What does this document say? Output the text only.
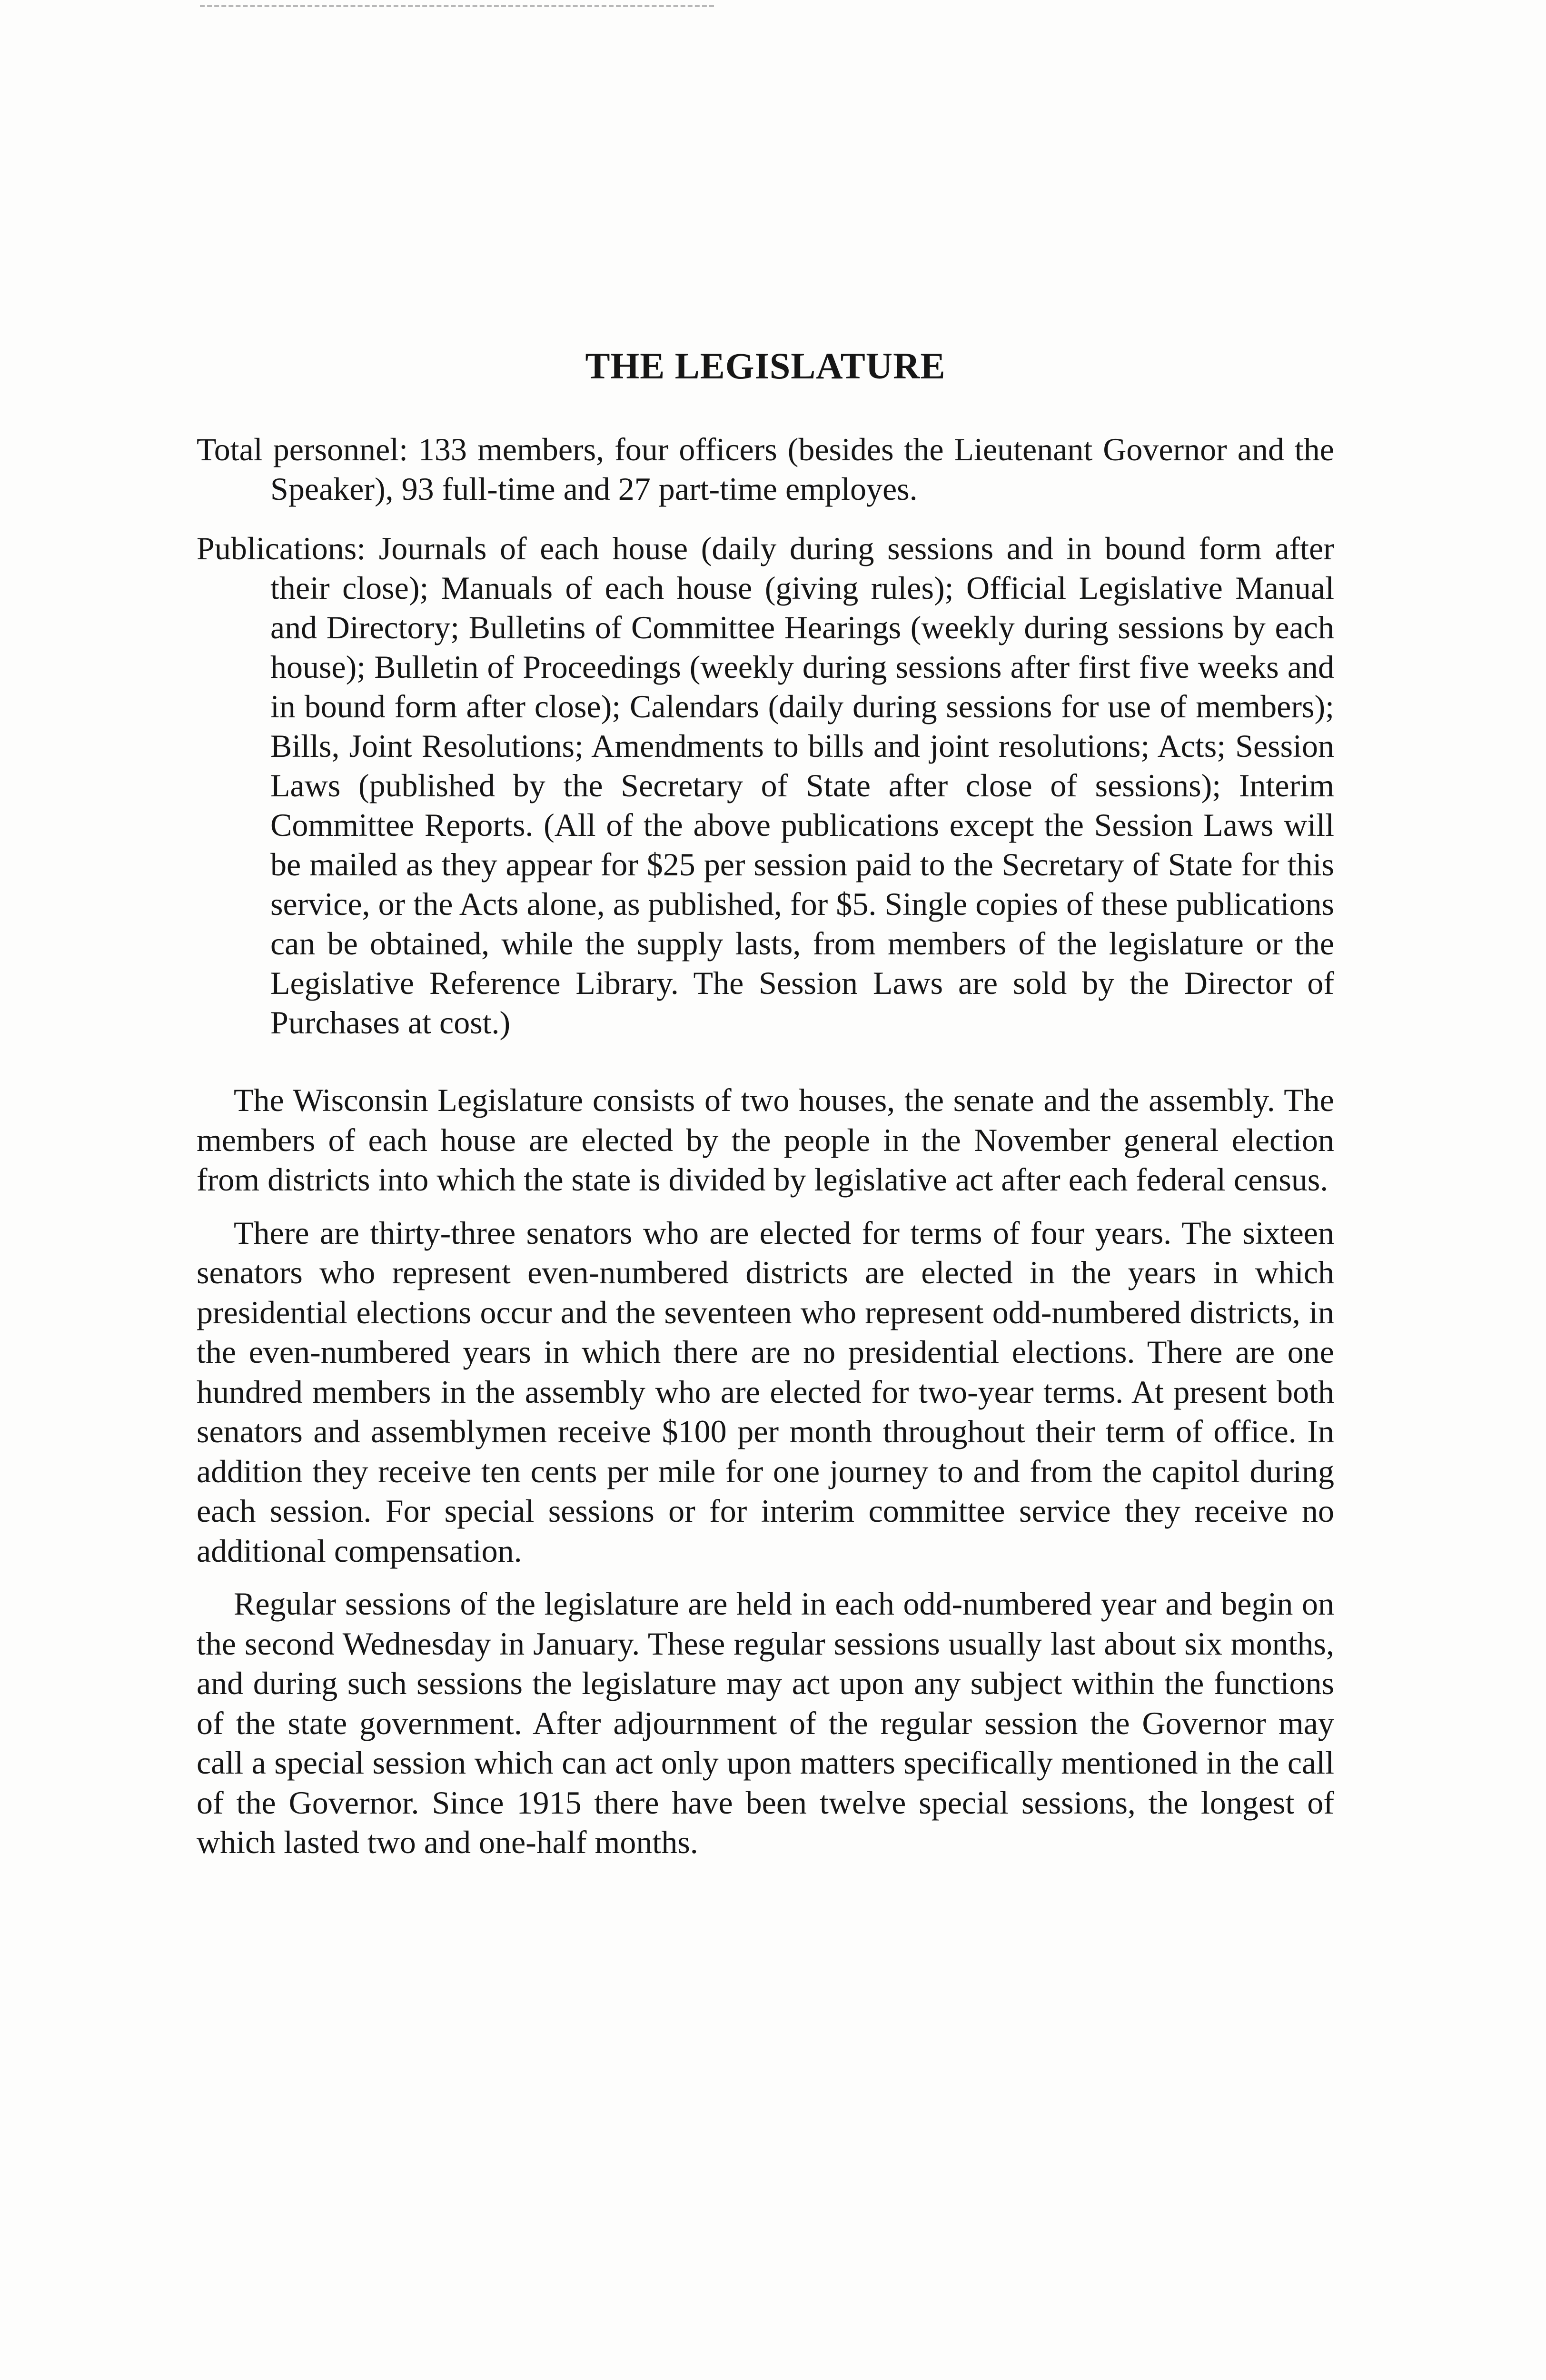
THE LEGISLATURE

Total personnel: 133 members, four officers (besides the Lieutenant Governor and the Speaker), 93 full-time and 27 part-time employes.

Publications: Journals of each house (daily during sessions and in bound form after their close); Manuals of each house (giving rules); Official Legislative Manual and Directory; Bulletins of Committee Hearings (weekly during sessions by each house); Bulletin of Proceedings (weekly during sessions after first five weeks and in bound form after close); Calendars (daily during sessions for use of members); Bills, Joint Resolutions; Amendments to bills and joint resolutions; Acts; Session Laws (published by the Secretary of State after close of sessions); Interim Committee Reports. (All of the above publications except the Session Laws will be mailed as they appear for $25 per session paid to the Secretary of State for this service, or the Acts alone, as published, for $5. Single copies of these publications can be obtained, while the supply lasts, from members of the legislature or the Legislative Reference Library. The Session Laws are sold by the Director of Purchases at cost.)

The Wisconsin Legislature consists of two houses, the senate and the assembly. The members of each house are elected by the people in the November general election from districts into which the state is divided by legislative act after each federal census.

There are thirty-three senators who are elected for terms of four years. The sixteen senators who represent even-numbered districts are elected in the years in which presidential elections occur and the seventeen who represent odd-numbered districts, in the even-numbered years in which there are no presidential elections. There are one hundred members in the assembly who are elected for two-year terms. At present both senators and assemblymen receive $100 per month throughout their term of office. In addition they receive ten cents per mile for one journey to and from the capitol during each session. For special sessions or for interim committee service they receive no additional compensation.

Regular sessions of the legislature are held in each odd-numbered year and begin on the second Wednesday in January. These regular sessions usually last about six months, and during such sessions the legislature may act upon any subject within the functions of the state government. After adjournment of the regular session the Governor may call a special session which can act only upon matters specifically mentioned in the call of the Governor. Since 1915 there have been twelve special sessions, the longest of which lasted two and one-half months.
